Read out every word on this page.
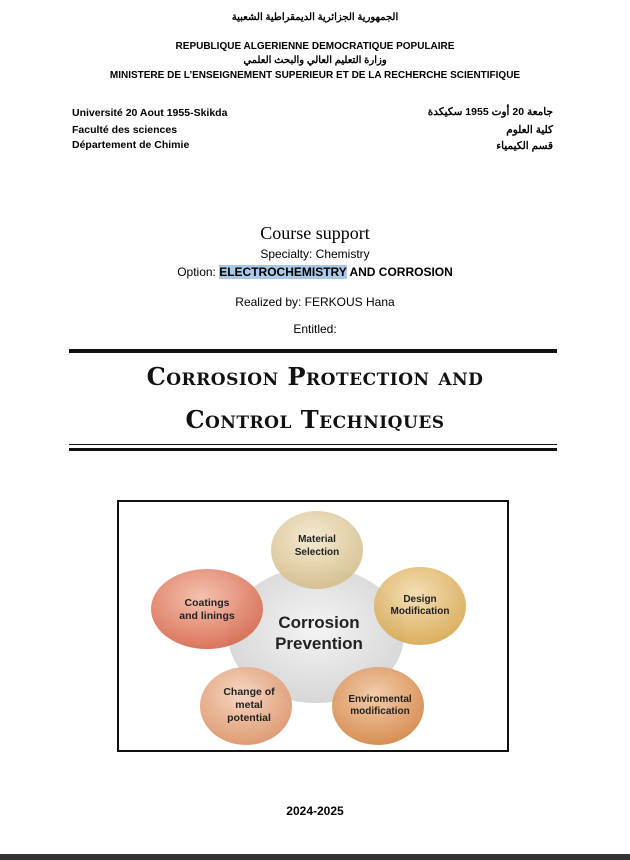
الجمهورية الجزائرية الديمقراطية الشعبية
REPUBLIQUE ALGERIENNE DEMOCRATIQUE POPULAIRE
وزارة التعليم العالي والبحث العلمي
MINISTERE DE L’ENSEIGNEMENT SUPERIEUR ET DE LA RECHERCHE SCIENTIFIQUE
Université 20 Aout 1955-Skikda
Faculté des sciences
Département de Chimie
جامعة 20 أوت 1955 سكيكدة
كلية العلوم
قسم الكيمياء
Course support
Specialty: Chemistry
Option: ELECTROCHEMISTRY AND CORROSION
Realized by: FERKOUS Hana
Entitled:
Corrosion Protection and
Control Techniques
Corrosion
Prevention
Material
Selection
Design
Modification
Enviromental
modification
Change of
metal
potential
Coatings
and linings
2024-2025
